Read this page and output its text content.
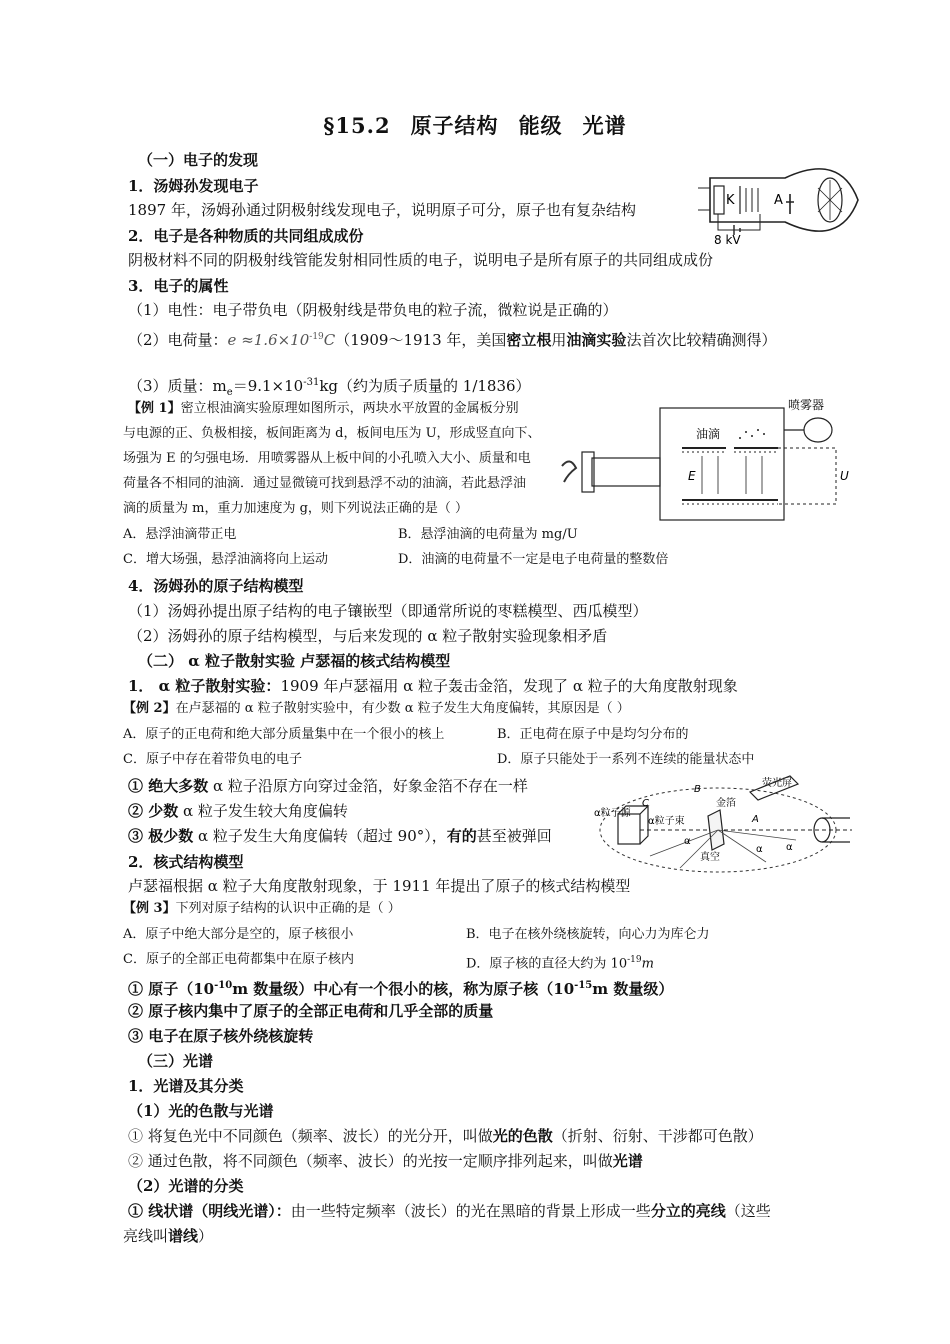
§15.2 原子结构 能级 光谱
（一）电子的发现
1．汤姆孙发现电子
1897 年，汤姆孙通过阴极射线发现电子，说明原子可分，原子也有复杂结构
2．电子是各种物质的共同组成成份
阴极材料不同的阴极射线管能发射相同性质的电子，说明电子是所有原子的共同组成成份
3．电子的属性
（1）电性：电子带负电（阴极射线是带负电的粒子流，微粒说是正确的）
（2）电荷量：$e \approx 1.6\times 10^{-19}C(1909\sim 1913$ 年，美国密立根用油滴实验法首次比较精确测得）
（3）质量：$m_e=9.1\times 10^{-31}kg$（约为质子质量的 1/1836）
K	A
8 kV
【例 1】密立根油滴实验原理如图所示，两块水平放置的金属板分别
与电源的正、负极相接，板间距离为 d，板间电压为 U，形成竖直向下、
场强为 E 的匀强电场．用喷雾器从上板中间的小孔喷入大小、质量和电
荷量各不相同的油滴．通过显微镜可找到悬浮不动的油滴，若此悬浮油
滴的质量为 m，重力加速度为 g，则下列说法正确的是（ ）
A．悬浮油滴带正电	B．悬浮油滴的电荷量为 mg/U
C．增大场强，悬浮油滴将向上运动	D．油滴的电荷量不一定是电子电荷量的整数倍
喷雾器
油滴
E	U
4．汤姆孙的原子结构模型
（1）汤姆孙提出原子结构的电子镶嵌型（即通常所说的枣糕模型、西瓜模型）
（2）汤姆孙的原子结构模型，与后来发现的 α 粒子散射实验现象相矛盾
（二） α 粒子散射实验 卢瑟福的核式结构模型
1． α 粒子散射实验：1909 年卢瑟福用 α 粒子轰击金箔，发现了 α 粒子的大角度散射现象
【例 2】在卢瑟福的 α 粒子散射实验中，有少数 α 粒子发生大角度偏转，其原因是（ ）
A．原子的正电荷和绝大部分质量集中在一个很小的核上	B．正电荷在原子中是均匀分布的
C．原子中存在着带负电的电子	D．原子只能处于一系列不连续的能量状态中
① 绝大多数 α 粒子沿原方向穿过金箔，好象金箔不存在一样
② 少数 α 粒子发生较大角度偏转
③ 极少数 α 粒子发生大角度偏转（超过 90°），有的甚至被弹回
α粒子源
α粒子束
金箔
真空
荧光屏
A
B
C
α
α α
2．核式结构模型
卢瑟福根据 α 粒子大角度散射现象，于 1911 年提出了原子的核式结构模型
【例 3】下列对原子结构的认识中正确的是（ ）
A．原子中绝大部分是空的，原子核很小	B．电子在核外绕核旋转，向心力为库仑力
C．原子的全部正电荷都集中在原子核内	D．原子核的直径大约为 $10^{-19}m$
① 原子（$10^{-10}m$ 数量级）中心有一个很小的核，称为原子核（$10^{-15}m$ 数量级）
② 原子核内集中了原子的全部正电荷和几乎全部的质量
③ 电子在原子核外绕核旋转
（三）光谱
1．光谱及其分类
（1）光的色散与光谱
① 将复色光中不同颜色（频率、波长）的光分开，叫做光的色散（折射、衍射、干涉都可色散）
② 通过色散，将不同颜色（频率、波长）的光按一定顺序排列起来，叫做光谱
（2）光谱的分类
① 线状谱（明线光谱）：由一些特定频率（波长）的光在黑暗的背景上形成一些分立的亮线（这些
亮线叫谱线）
